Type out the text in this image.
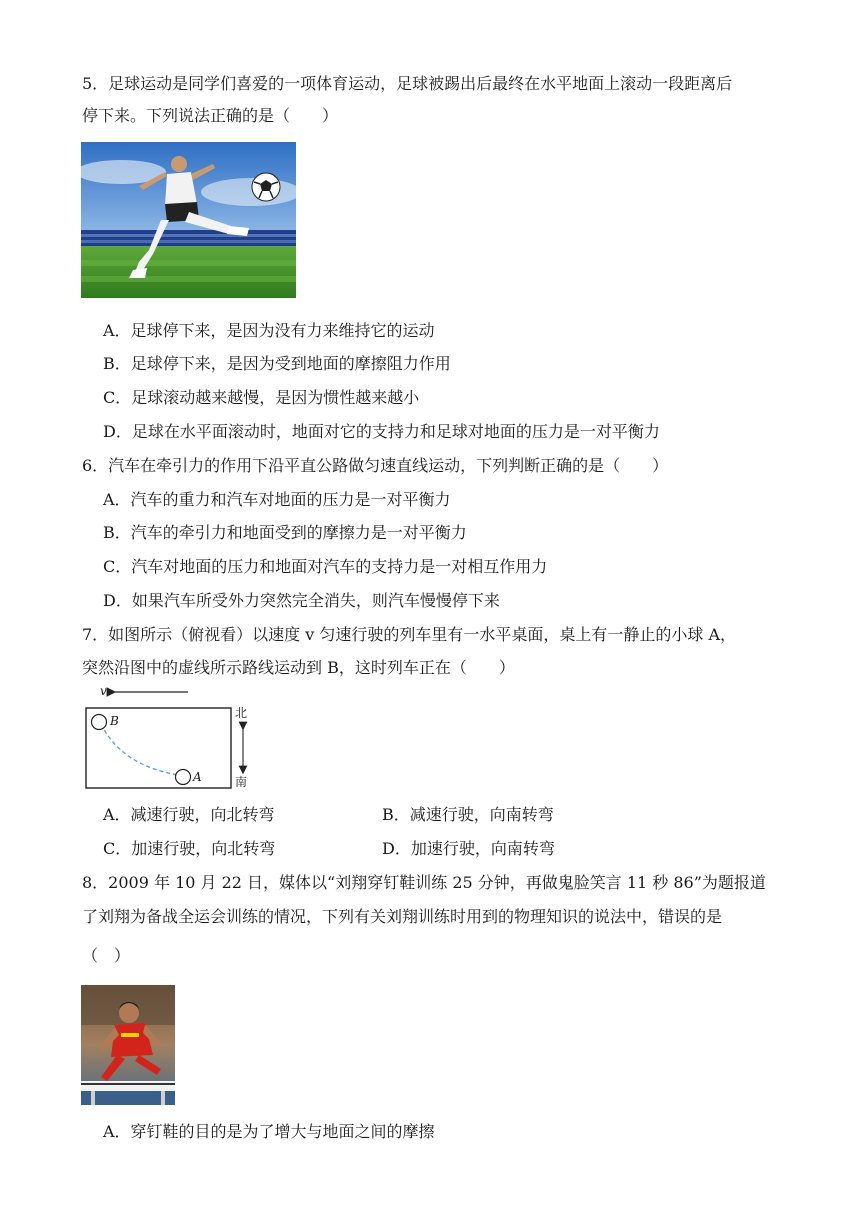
5．足球运动是同学们喜爱的一项体育运动，足球被踢出后最终在水平地面上滚动一段距离后
停下来。下列说法正确的是（　　）
A．足球停下来，是因为没有力来维持它的运动
B．足球停下来，是因为受到地面的摩擦阻力作用
C．足球滚动越来越慢，是因为惯性越来越小
D．足球在水平面滚动时，地面对它的支持力和足球对地面的压力是一对平衡力
6．汽车在牵引力的作用下沿平直公路做匀速直线运动，下列判断正确的是（　　）
A．汽车的重力和汽车对地面的压力是一对平衡力
B．汽车的牵引力和地面受到的摩擦力是一对平衡力
C．汽车对地面的压力和地面对汽车的支持力是一对相互作用力
D．如果汽车所受外力突然完全消失，则汽车慢慢停下来
7．如图所示（俯视看）以速度 v 匀速行驶的列车里有一水平桌面，桌上有一静止的小球 A，
突然沿图中的虚线所示路线运动到 B，这时列车正在（　　）
v
B
A
北
南
A．减速行驶，向北转弯	B．减速行驶，向南转弯
C．加速行驶，向北转弯	D．加速行驶，向南转弯
8．2009 年 10 月 22 日，媒体以“刘翔穿钉鞋训练 25 分钟，再做鬼脸笑言 11 秒 86”为题报道
了刘翔为备战全运会训练的情况，下列有关刘翔训练时用到的物理知识的说法中，错误的是
（　）
A．穿钉鞋的目的是为了增大与地面之间的摩擦
